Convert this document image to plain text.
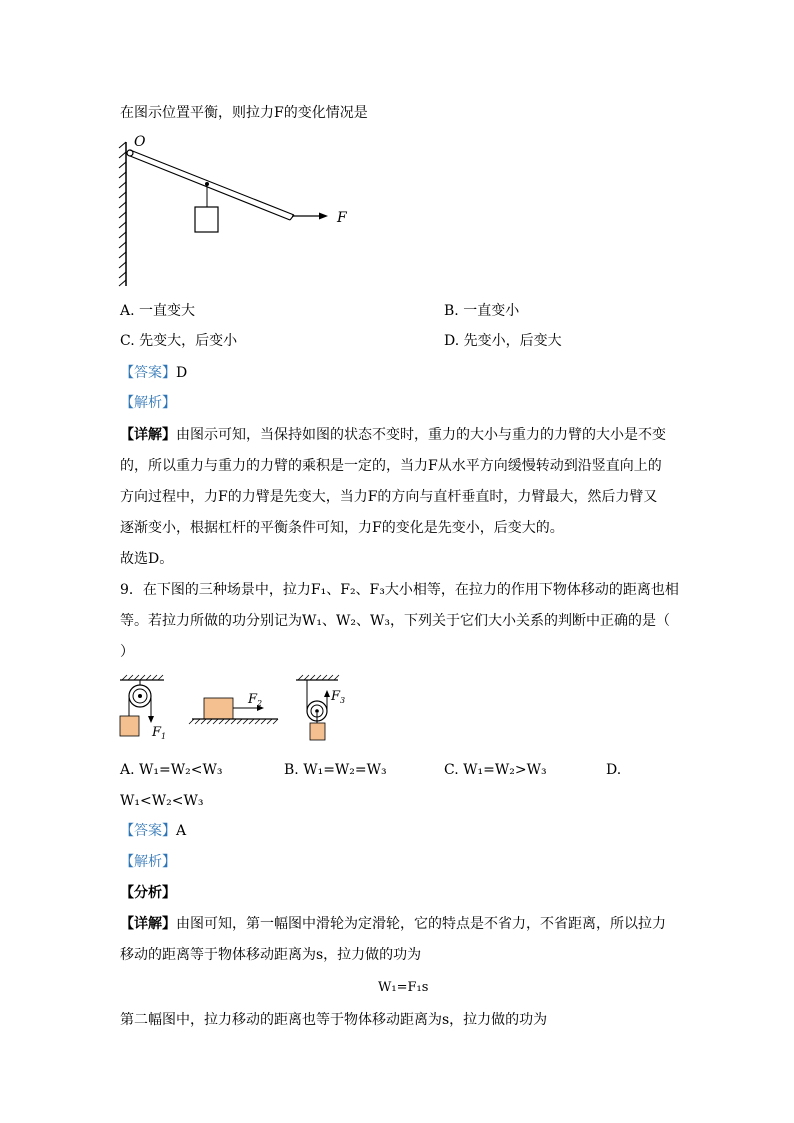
在图示位置平衡，则拉力F的变化情况是
O
F
A. 一直变大	B. 一直变小
C. 先变大，后变小	D. 先变小，后变大
【答案】D
【解析】
【详解】由图示可知，当保持如图的状态不变时，重力的大小与重力的力臂的大小是不变
的，所以重力与重力的力臂的乘积是一定的，当力F从水平方向缓慢转动到沿竖直向上的
方向过程中，力F的力臂是先变大，当力F的方向与直杆垂直时，力臂最大，然后力臂又
逐渐变小，根据杠杆的平衡条件可知，力F的变化是先变小，后变大的。
故选D。
9．在下图的三种场景中，拉力F₁、F₂、F₃大小相等，在拉力的作用下物体移动的距离也相
等。若拉力所做的功分别记为W₁、W₂、W₃，下列关于它们大小关系的判断中正确的是（
）
$F_1$
$F_2$	$F_3$
A. W₁=W₂<W₃	B. W₁=W₂=W₃	C. W₁=W₂>W₃	D.
W₁<W₂<W₃
【答案】A
【解析】
【分析】
【详解】由图可知，第一幅图中滑轮为定滑轮，它的特点是不省力，不省距离，所以拉力
移动的距离等于物体移动距离为s，拉力做的功为
W₁=F₁s
第二幅图中，拉力移动的距离也等于物体移动距离为s，拉力做的功为
